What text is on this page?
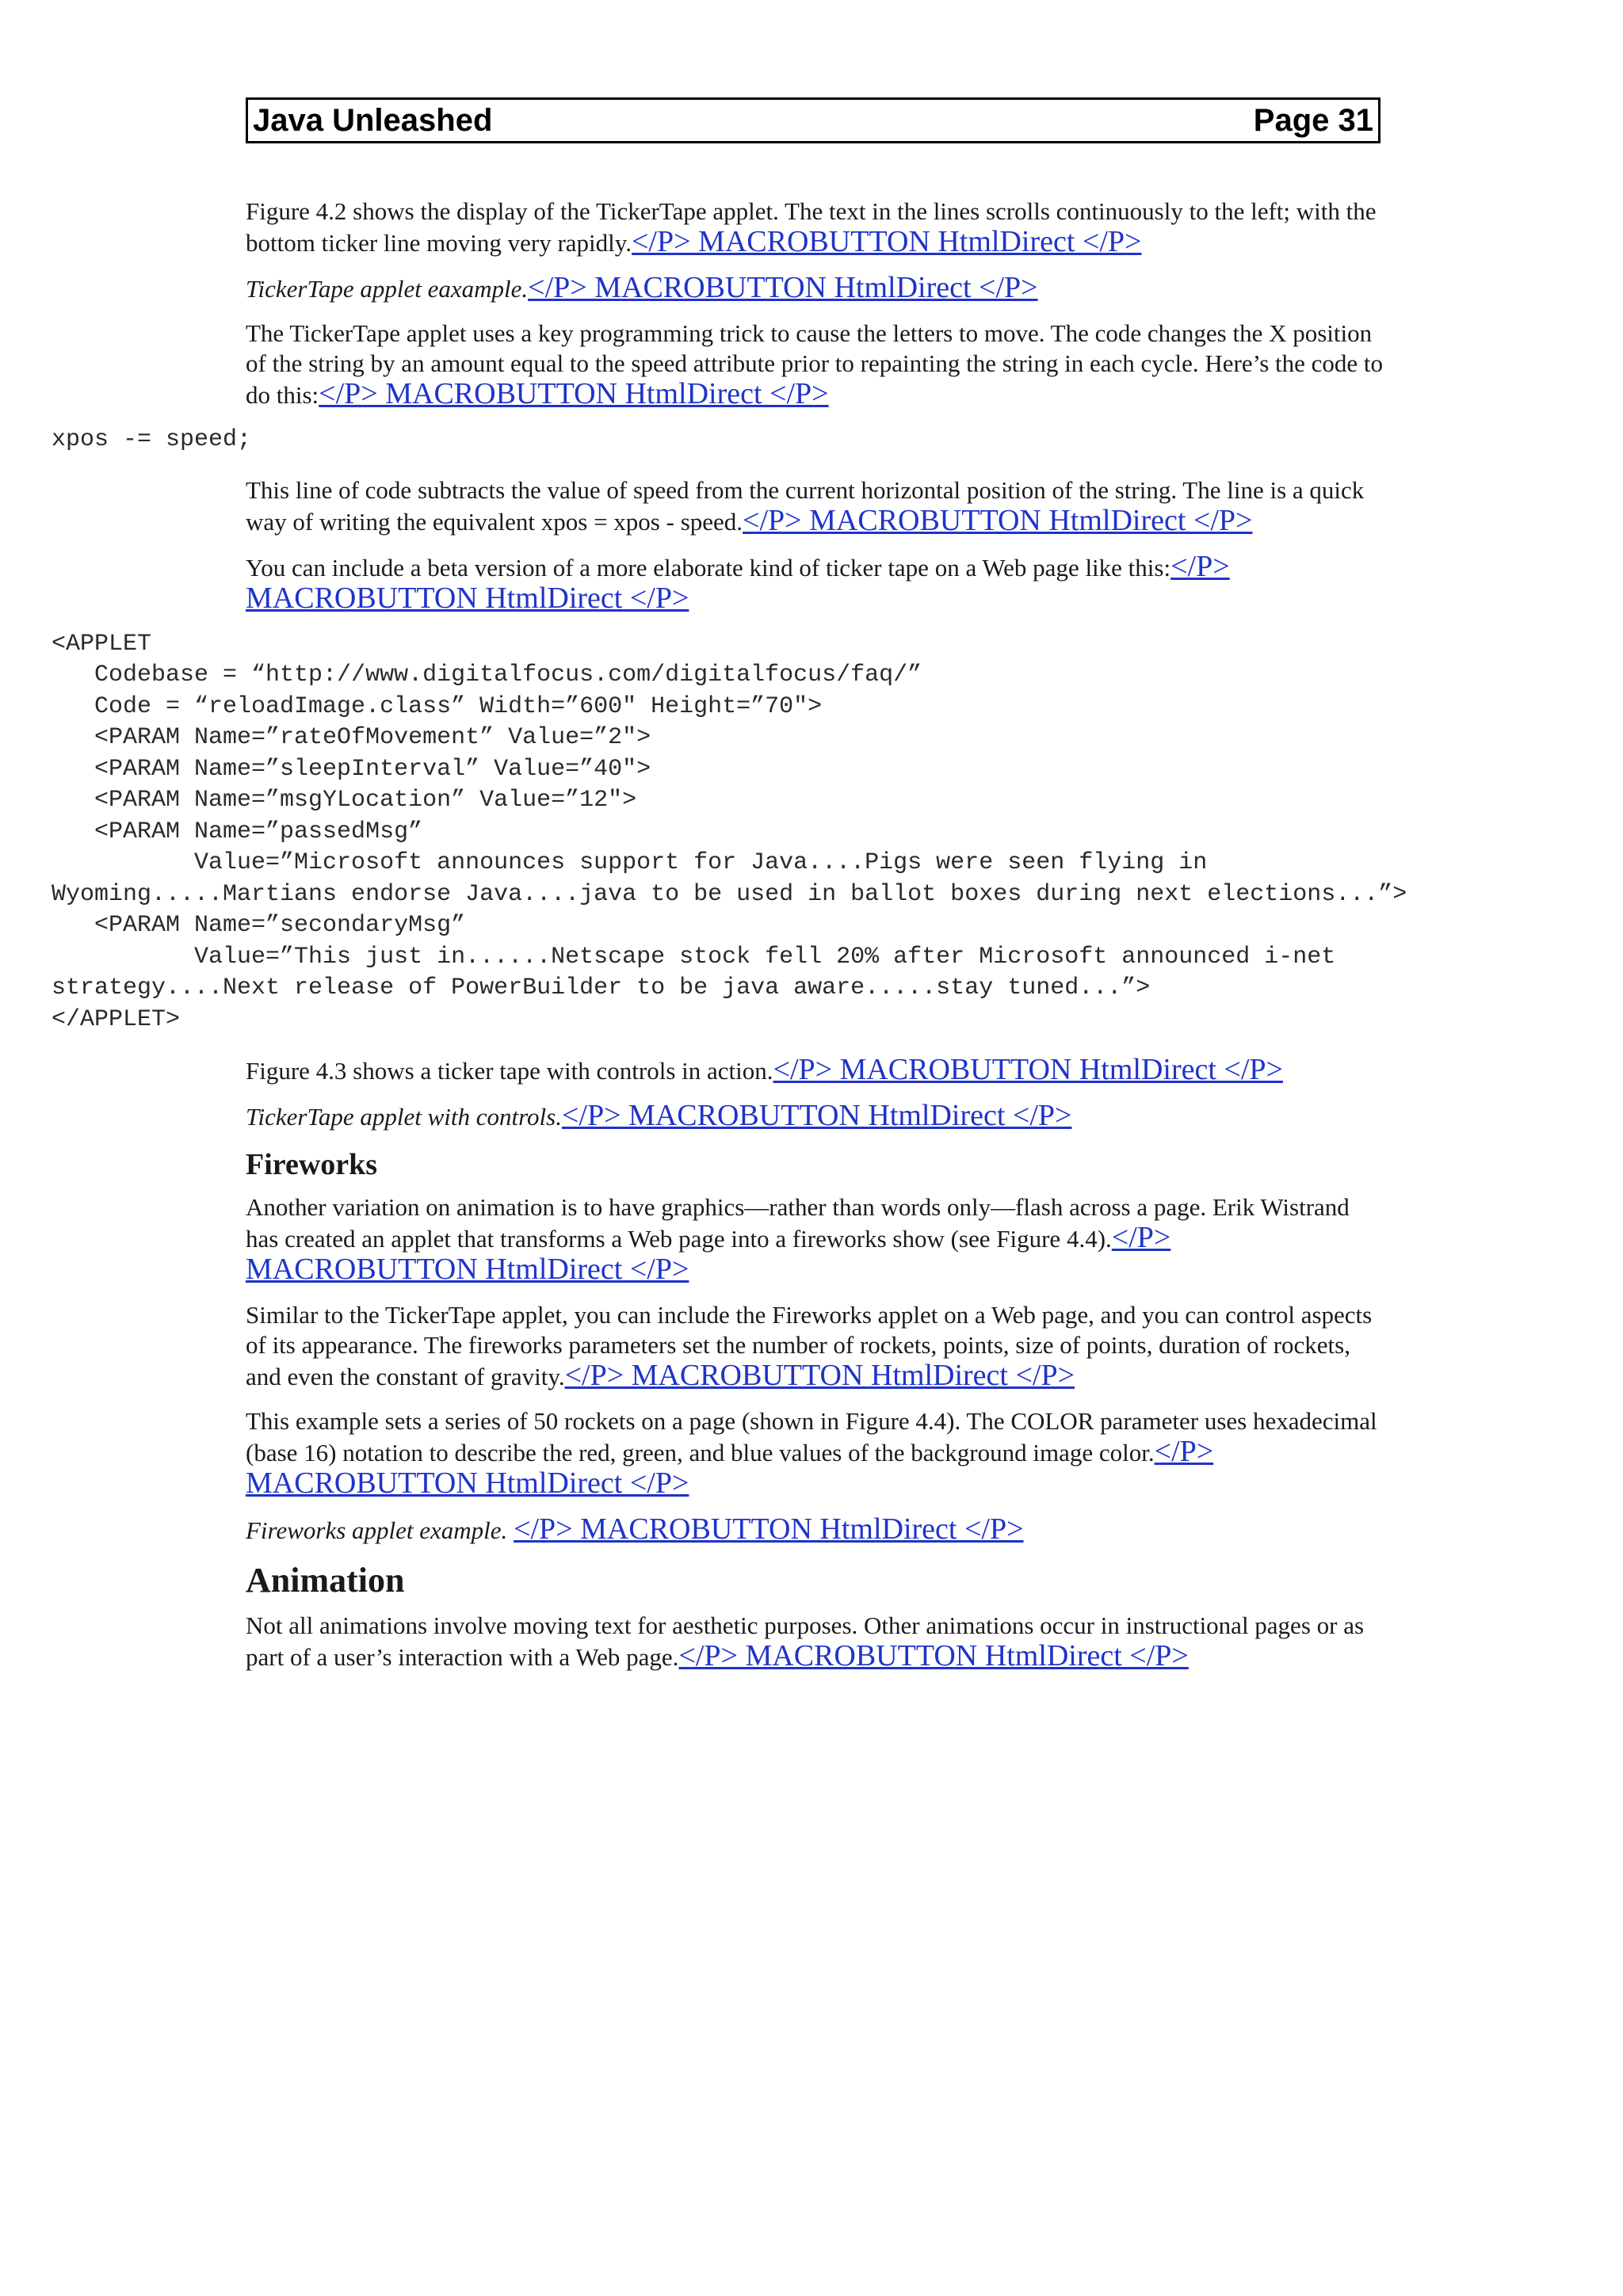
Java Unleashed	Page 31

Figure 4.2 shows the display of the TickerTape applet. The text in the lines scrolls continuously to the left; with the bottom ticker line moving very rapidly.</P> MACROBUTTON HtmlDirect </P>

TickerTape applet eaxample.</P> MACROBUTTON HtmlDirect </P>

The TickerTape applet uses a key programming trick to cause the letters to move. The code changes the X position of the string by an amount equal to the speed attribute prior to repainting the string in each cycle. Here’s the code to do this:</P> MACROBUTTON HtmlDirect </P>

xpos -= speed;

This line of code subtracts the value of speed from the current horizontal position of the string. The line is a quick way of writing the equivalent xpos = xpos - speed.</P> MACROBUTTON HtmlDirect </P>

You can include a beta version of a more elaborate kind of ticker tape on a Web page like this:</P> MACROBUTTON HtmlDirect </P>

<APPLET
Codebase = “http://www.digitalfocus.com/digitalfocus/faq/”
Code = “reloadImage.class” Width=”600" Height=”70">
<PARAM Name=”rateOfMovement” Value=”2">
<PARAM Name=”sleepInterval” Value=”40">
<PARAM Name=”msgYLocation” Value=”12">
<PARAM Name=”passedMsg”
Value=”Microsoft announces support for Java....Pigs were seen flying in
Wyoming.....Martians endorse Java....java to be used in ballot boxes during next elections...”>
<PARAM Name=”secondaryMsg”
Value=”This just in......Netscape stock fell 20% after Microsoft announced i-net
strategy....Next release of PowerBuilder to be java aware.....stay tuned...”>
</APPLET>

Figure 4.3 shows a ticker tape with controls in action.</P> MACROBUTTON HtmlDirect </P>

TickerTape applet with controls.</P> MACROBUTTON HtmlDirect </P>

Fireworks

Another variation on animation is to have graphics—rather than words only—flash across a page. Erik Wistrand has created an applet that transforms a Web page into a fireworks show (see Figure 4.4).</P> MACROBUTTON HtmlDirect </P>

Similar to the TickerTape applet, you can include the Fireworks applet on a Web page, and you can control aspects of its appearance. The fireworks parameters set the number of rockets, points, size of points, duration of rockets, and even the constant of gravity.</P> MACROBUTTON HtmlDirect </P>

This example sets a series of 50 rockets on a page (shown in Figure 4.4). The COLOR parameter uses hexadecimal (base 16) notation to describe the red, green, and blue values of the background image color.</P> MACROBUTTON HtmlDirect </P>

Fireworks applet example. </P> MACROBUTTON HtmlDirect </P>

Animation

Not all animations involve moving text for aesthetic purposes. Other animations occur in instructional pages or as part of a user’s interaction with a Web page.</P> MACROBUTTON HtmlDirect </P>
